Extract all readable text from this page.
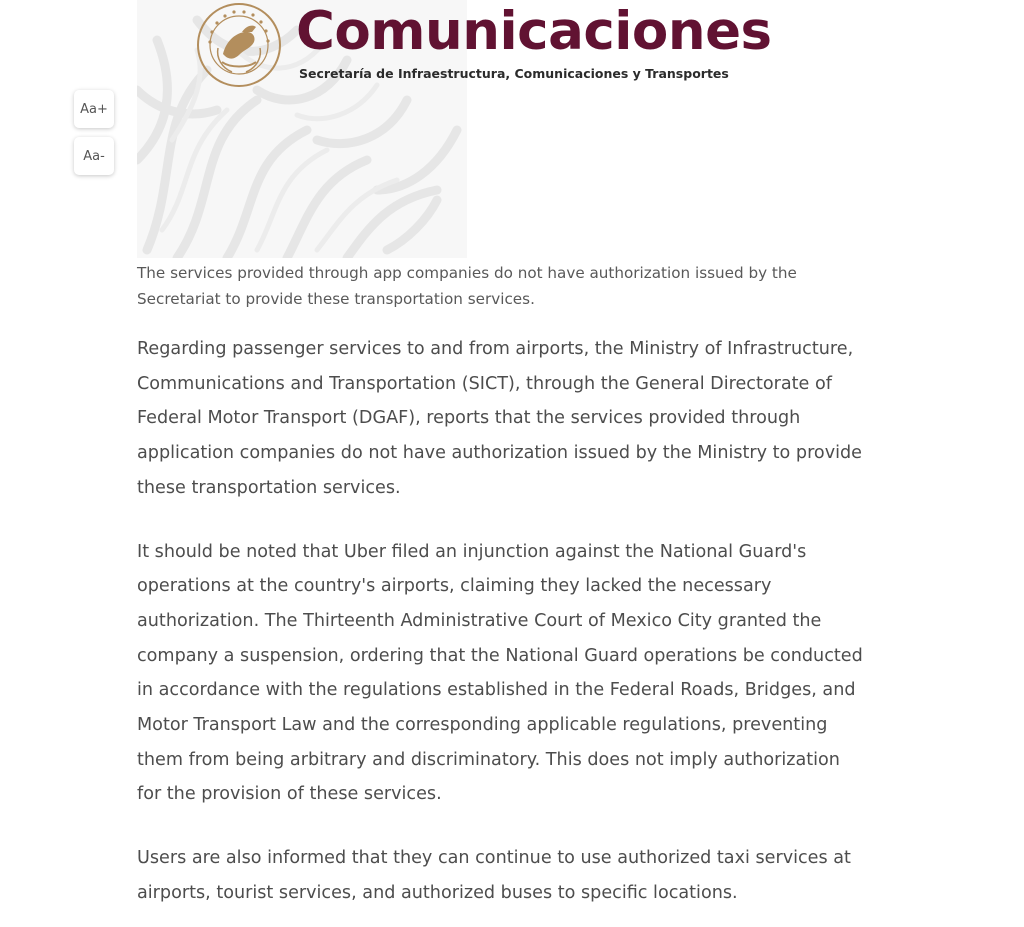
Comunicaciones
Secretaría de Infraestructura, Comunicaciones y Transportes
Aa+
Aa-
The services provided through app companies do not have authorization issued by the Secretariat to provide these transportation services.

Regarding passenger services to and from airports, the Ministry of Infrastructure, Communications and Transportation (SICT), through the General Directorate of Federal Motor Transport (DGAF), reports that the services provided through application companies do not have authorization issued by the Ministry to provide these transportation services.

It should be noted that Uber filed an injunction against the National Guard's operations at the country's airports, claiming they lacked the necessary authorization. The Thirteenth Administrative Court of Mexico City granted the company a suspension, ordering that the National Guard operations be conducted in accordance with the regulations established in the Federal Roads, Bridges, and Motor Transport Law and the corresponding applicable regulations, preventing them from being arbitrary and discriminatory. This does not imply authorization for the provision of these services.

Users are also informed that they can continue to use authorized taxi services at airports, tourist services, and authorized buses to specific locations.
